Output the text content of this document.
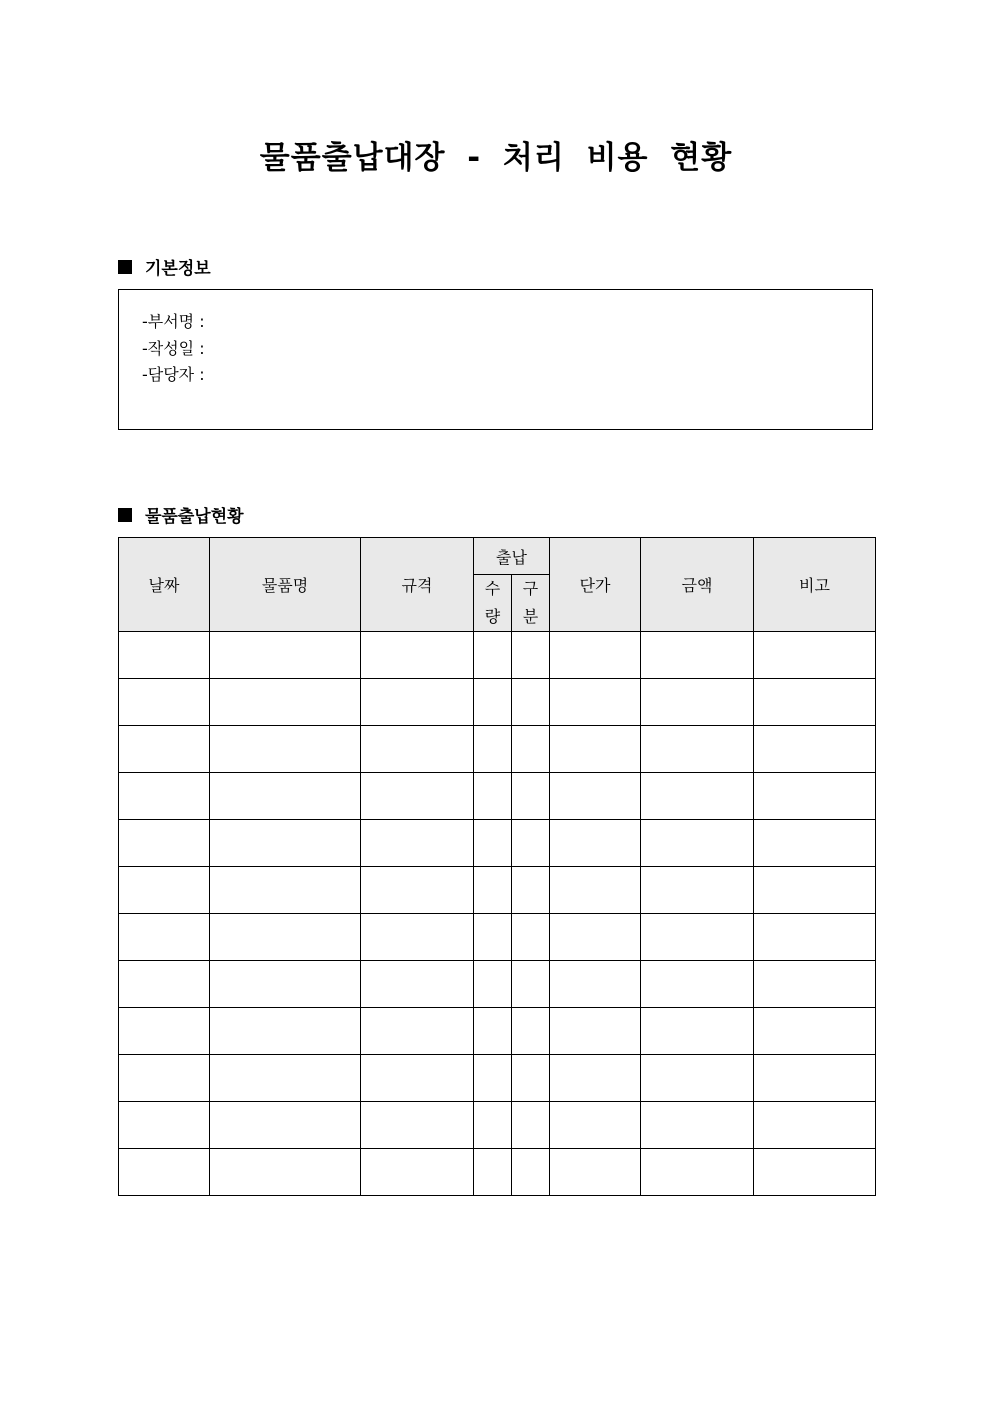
물품출납대장 - 처리 비용 현황
기본정보
-부서명 :
-작성일 :
-담당자 :
물품출납현황
날짜	물품명	규격	출납		단가	금액	비고
			수량	구분			
